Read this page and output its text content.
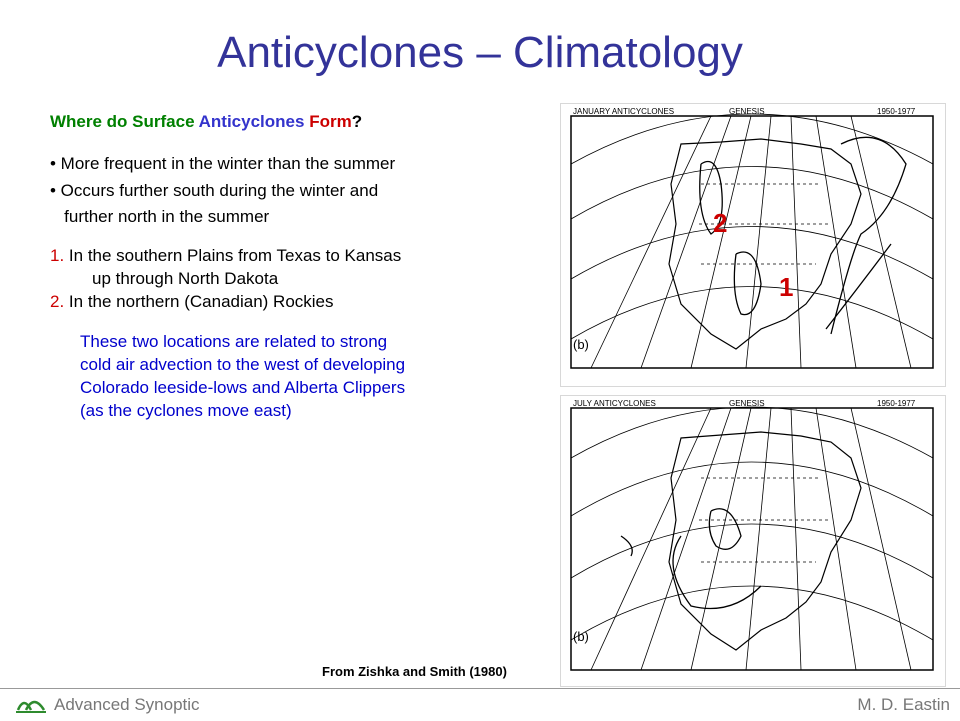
Anticyclones – Climatology
Where do Surface Anticyclones Form?
• More frequent in the winter than the summer
• Occurs further south during the winter and
further north in the summer
1. In the southern Plains from Texas to Kansas
up through North Dakota
2. In the northern (Canadian) Rockies
These two locations are related to strong
cold air advection to the west of developing
Colorado leeside-lows and Alberta Clippers
(as the cyclones move east)
JANUARY ANTICYCLONES	GENESIS	1950-1977
(b)
2
1
JULY ANTICYCLONES	GENESIS	1950-1977
(b)
From Zishka and Smith (1980)
Advanced Synoptic	M. D. Eastin
